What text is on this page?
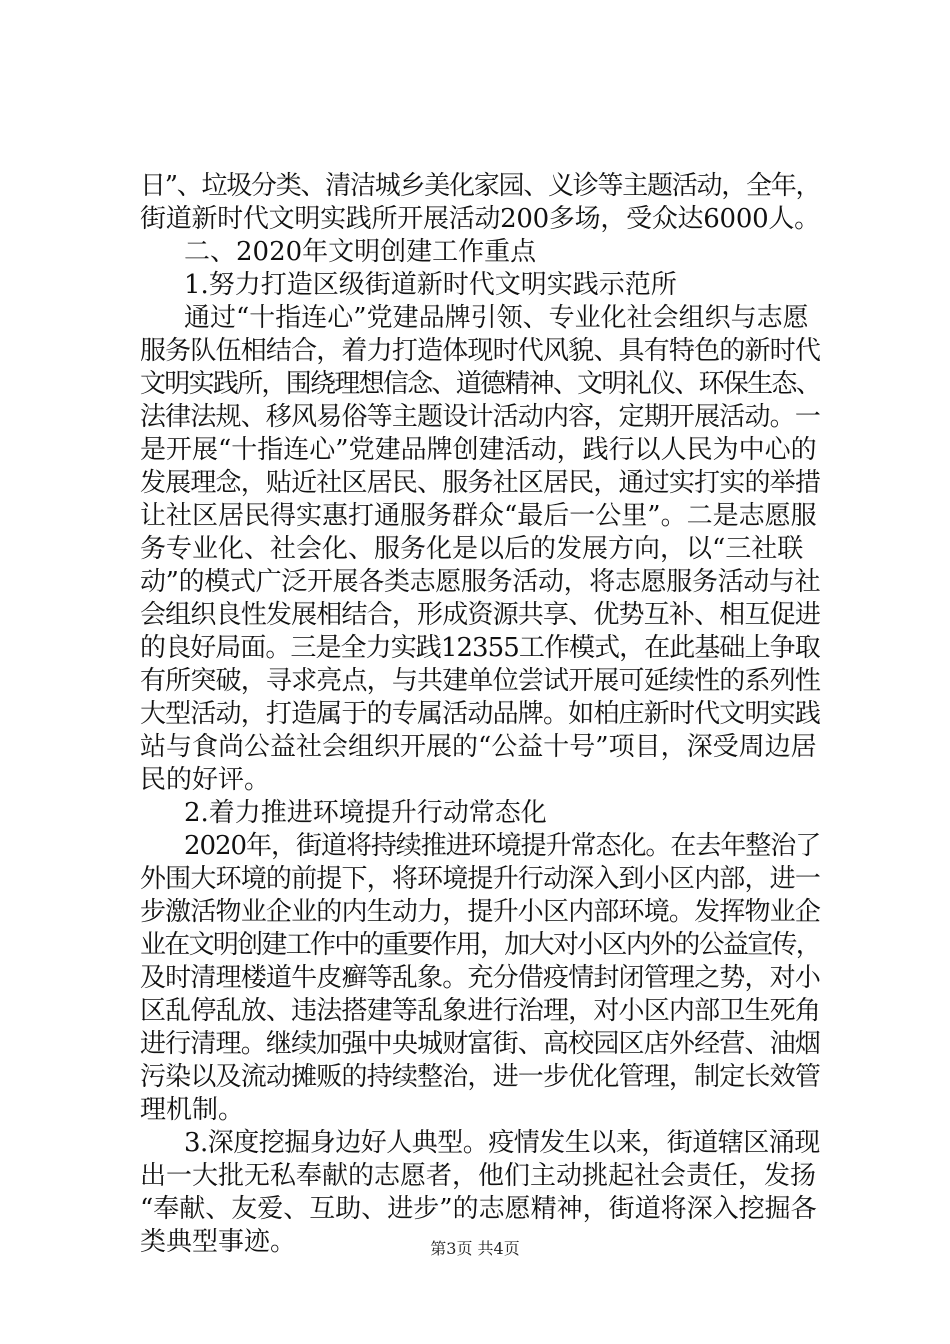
日”、垃圾分类、清洁城乡美化家园、义诊等主题活动，全年，
街道新时代文明实践所开展活动200多场，受众达6000人。
二、2020年文明创建工作重点
1.努力打造区级街道新时代文明实践示范所
通过“十指连心”党建品牌引领、专业化社会组织与志愿
服务队伍相结合，着力打造体现时代风貌、具有特色的新时代
文明实践所，围绕理想信念、道德精神、文明礼仪、环保生态、
法律法规、移风易俗等主题设计活动内容，定期开展活动。一
是开展“十指连心”党建品牌创建活动，践行以人民为中心的
发展理念，贴近社区居民、服务社区居民，通过实打实的举措
让社区居民得实惠打通服务群众“最后一公里”。二是志愿服
务专业化、社会化、服务化是以后的发展方向，以“三社联
动”的模式广泛开展各类志愿服务活动，将志愿服务活动与社
会组织良性发展相结合，形成资源共享、优势互补、相互促进
的良好局面。三是全力实践12355工作模式，在此基础上争取
有所突破，寻求亮点，与共建单位尝试开展可延续性的系列性
大型活动，打造属于的专属活动品牌。如柏庄新时代文明实践
站与食尚公益社会组织开展的“公益十号”项目，深受周边居
民的好评。
2.着力推进环境提升行动常态化
2020年，街道将持续推进环境提升常态化。在去年整治了
外围大环境的前提下，将环境提升行动深入到小区内部，进一
步激活物业企业的内生动力，提升小区内部环境。发挥物业企
业在文明创建工作中的重要作用，加大对小区内外的公益宣传，
及时清理楼道牛皮癣等乱象。充分借疫情封闭管理之势，对小
区乱停乱放、违法搭建等乱象进行治理，对小区内部卫生死角
进行清理。继续加强中央城财富街、高校园区店外经营、油烟
污染以及流动摊贩的持续整治，进一步优化管理，制定长效管
理机制。
3.深度挖掘身边好人典型。疫情发生以来，街道辖区涌现
出一大批无私奉献的志愿者，他们主动挑起社会责任，发扬
“奉献、友爱、互助、进步”的志愿精神，街道将深入挖掘各
类典型事迹。	第3页 共4页
